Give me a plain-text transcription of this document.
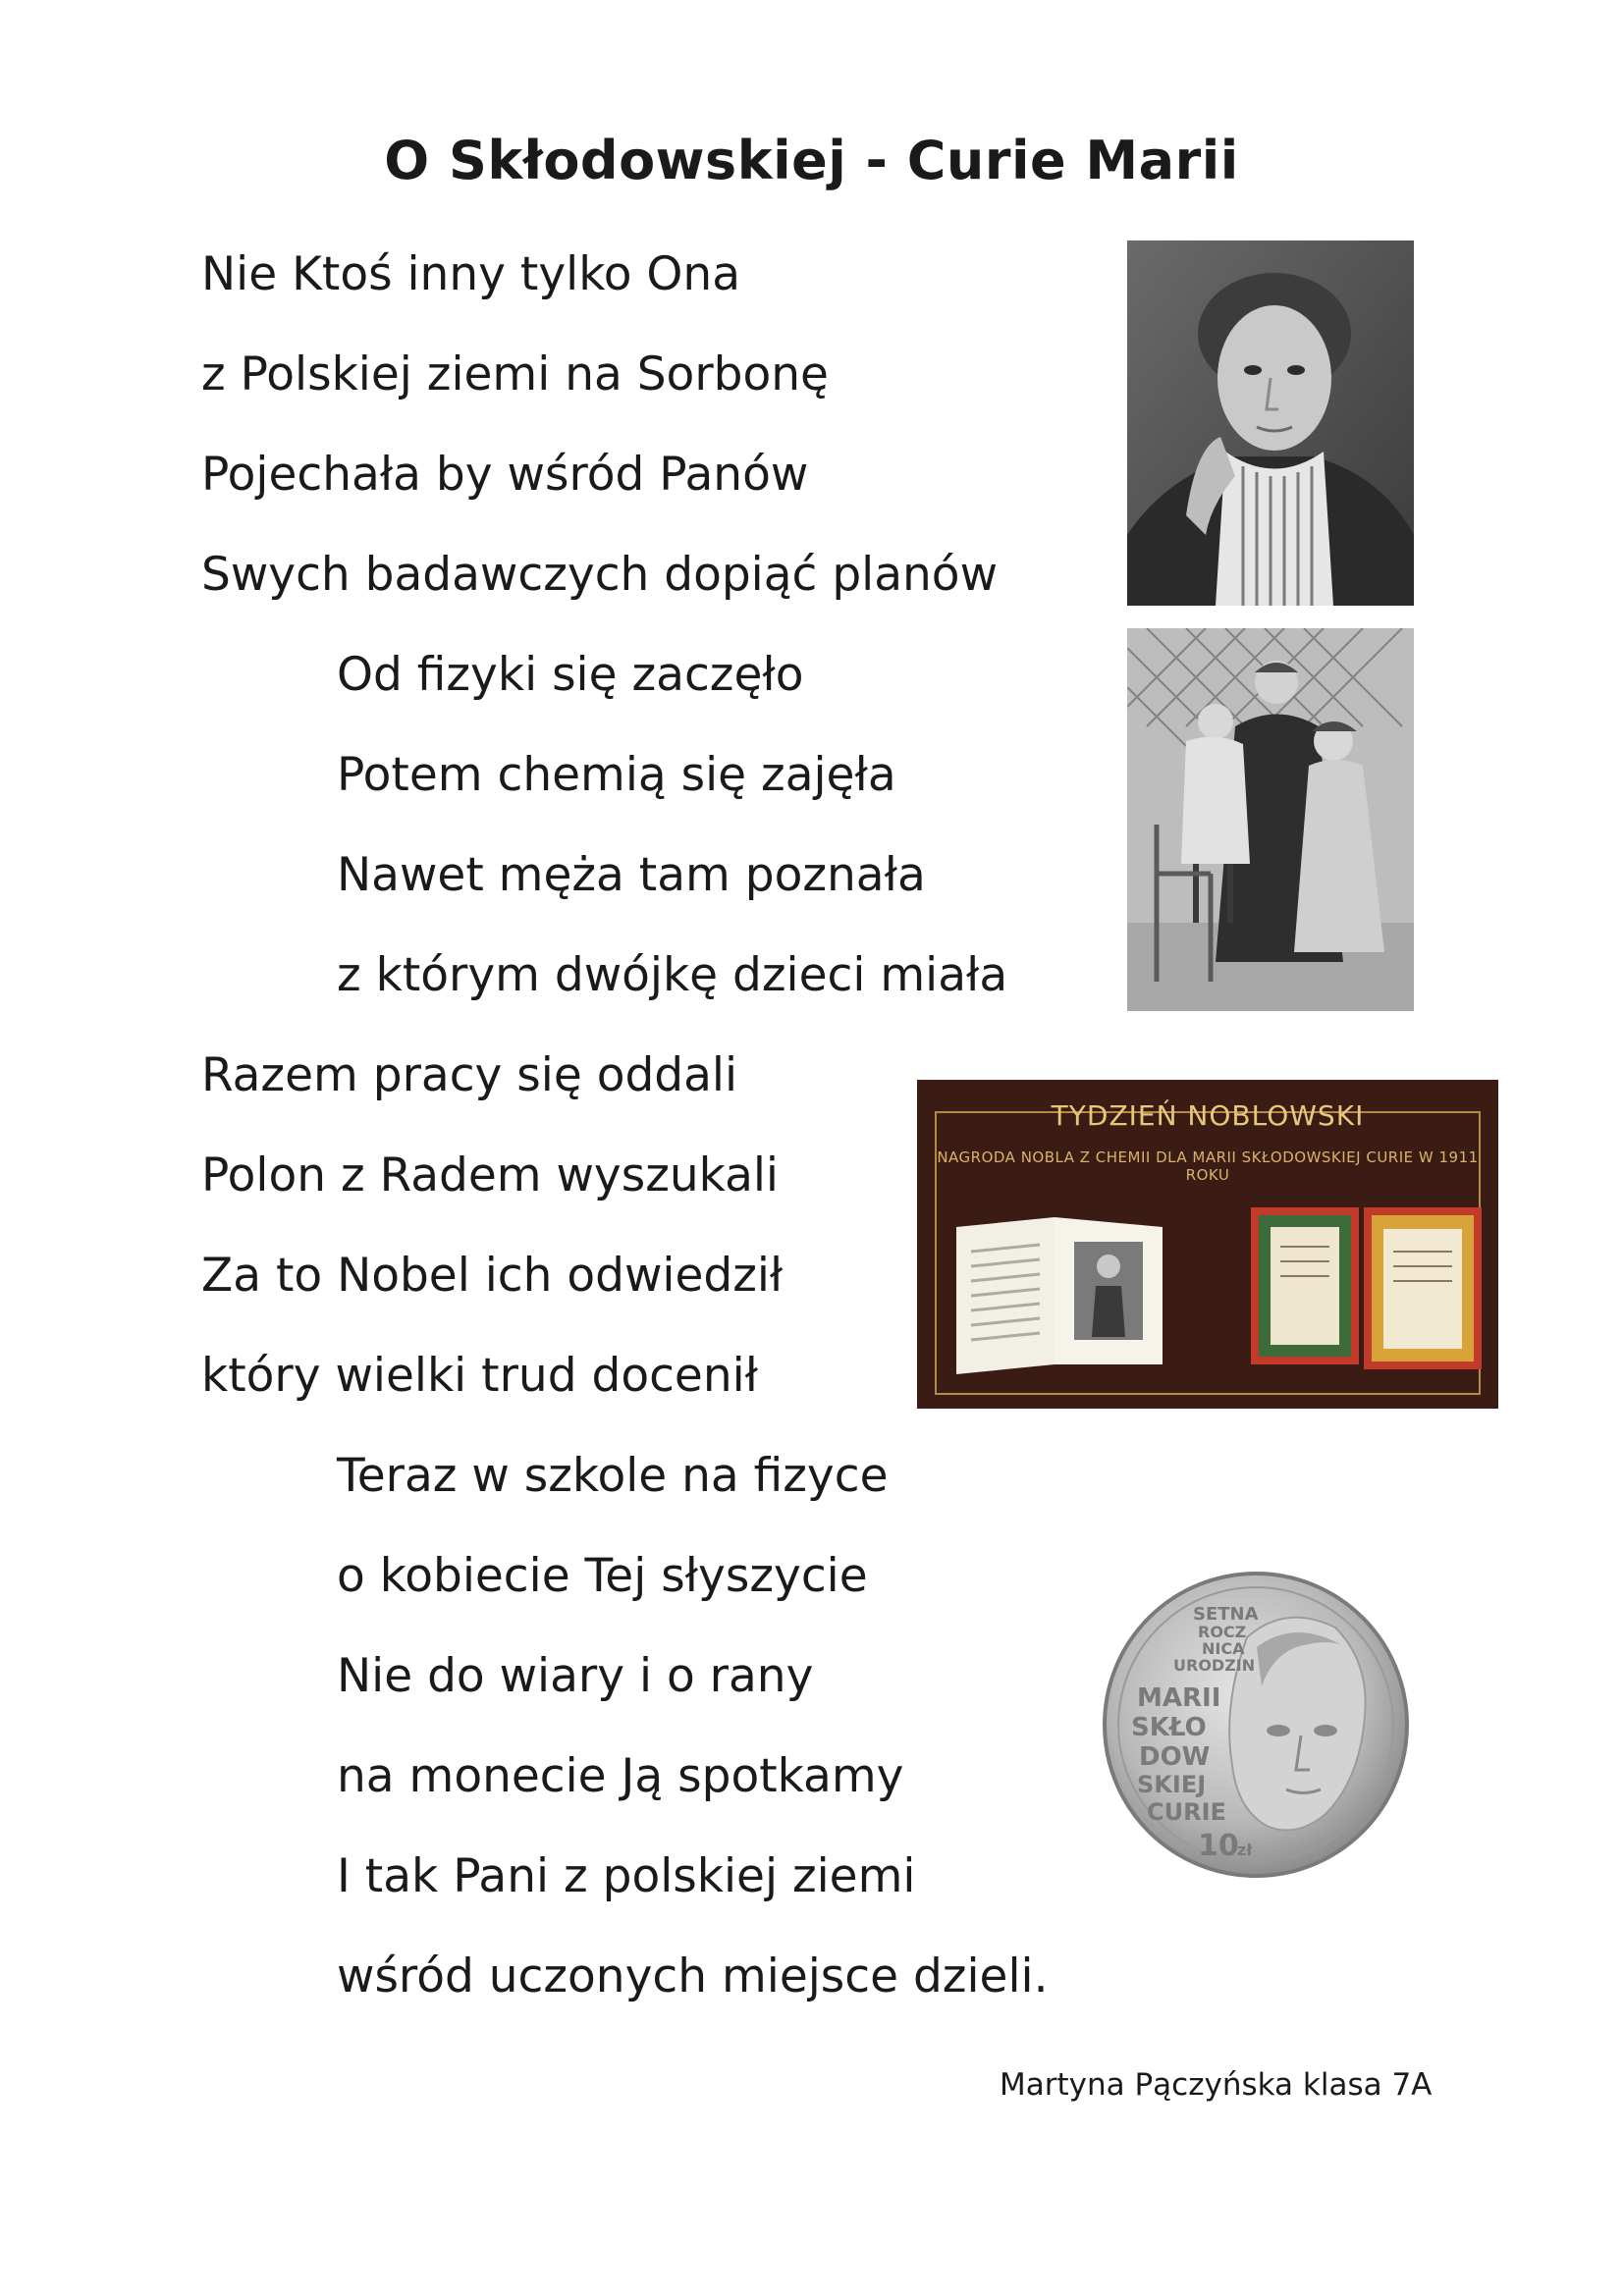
O Skłodowskiej - Curie Marii
Nie Ktoś inny tylko Ona
z Polskiej ziemi na Sorbonę
Pojechała by wśród Panów
Swych badawczych dopiąć planów
Od fizyki się zaczęło
Potem chemią się zajęła
Nawet męża tam poznała
z którym dwójkę dzieci miała
Razem pracy się oddali
Polon z Radem wyszukali
Za to Nobel ich odwiedził
który wielki trud docenił
Teraz w szkole na fizyce
o kobiecie Tej słyszycie
Nie do wiary i o rany
na monecie Ją spotkamy
I tak Pani z polskiej ziemi
wśród uczonych miejsce dzieli.
TYDZIEŃ NOBLOWSKI
NAGRODA NOBLA Z CHEMII DLA MARII SKŁODOWSKIEJ CURIE W 1911 ROKU
SETNA
ROCZ
NICA
URODZIN
MARII
SKŁO
DOW
SKIEJ
CURIE
10
zł
Martyna Pączyńska klasa 7A
